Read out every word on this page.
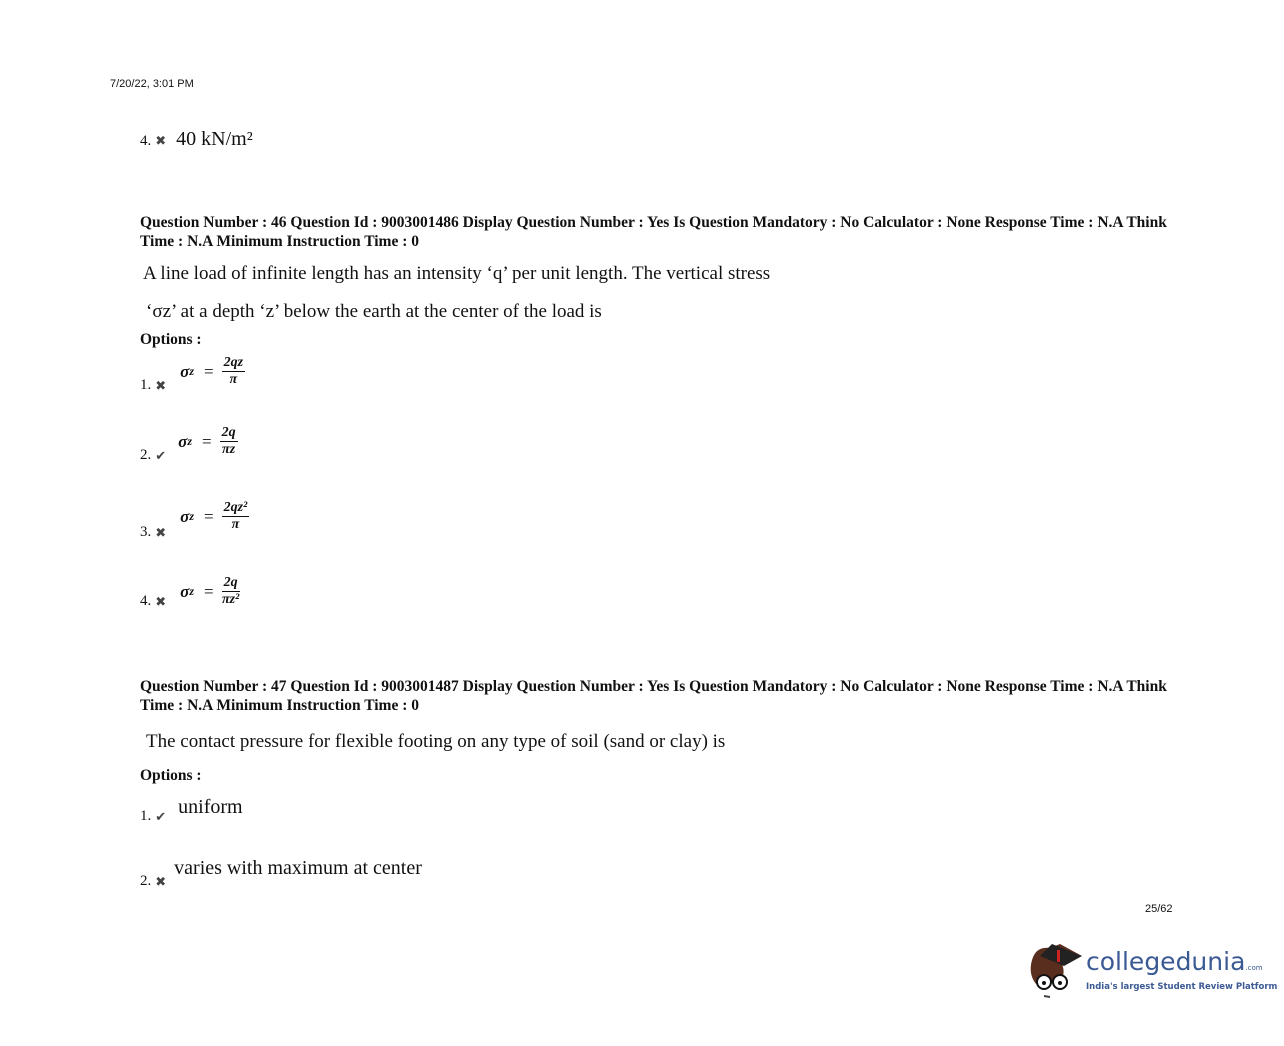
7/20/22, 3:01 PM
4. ✖ 40 kN/m²
Question Number : 46 Question Id : 9003001486 Display Question Number : Yes Is Question Mandatory : No Calculator : None Response Time : N.A Think Time : N.A Minimum Instruction Time : 0
A line load of infinite length has an intensity ‘q’ per unit length. The vertical stress
‘σz’ at a depth ‘z’ below the earth at the center of the load is
Options :
1. ✖
σ $z = \frac{2qz}{\pi}$
2. ✔
σ $z = \frac{2q}{\pi z}$
3. ✖
σ $z = \frac{\text{2qz²}}{\pi}$
4. ✖
σ $z = \frac{2q}{\text{πz²}}$
Question Number : 47 Question Id : 9003001487 Display Question Number : Yes Is Question Mandatory : No Calculator : None Response Time : N.A Think Time : N.A Minimum Instruction Time : 0
The contact pressure for flexible footing on any type of soil (sand or clay) is
Options :
1. ✔ uniform
2. ✖
varies with maximum at center
25/62
collegedunia.com
India's largest Student Review Platform
